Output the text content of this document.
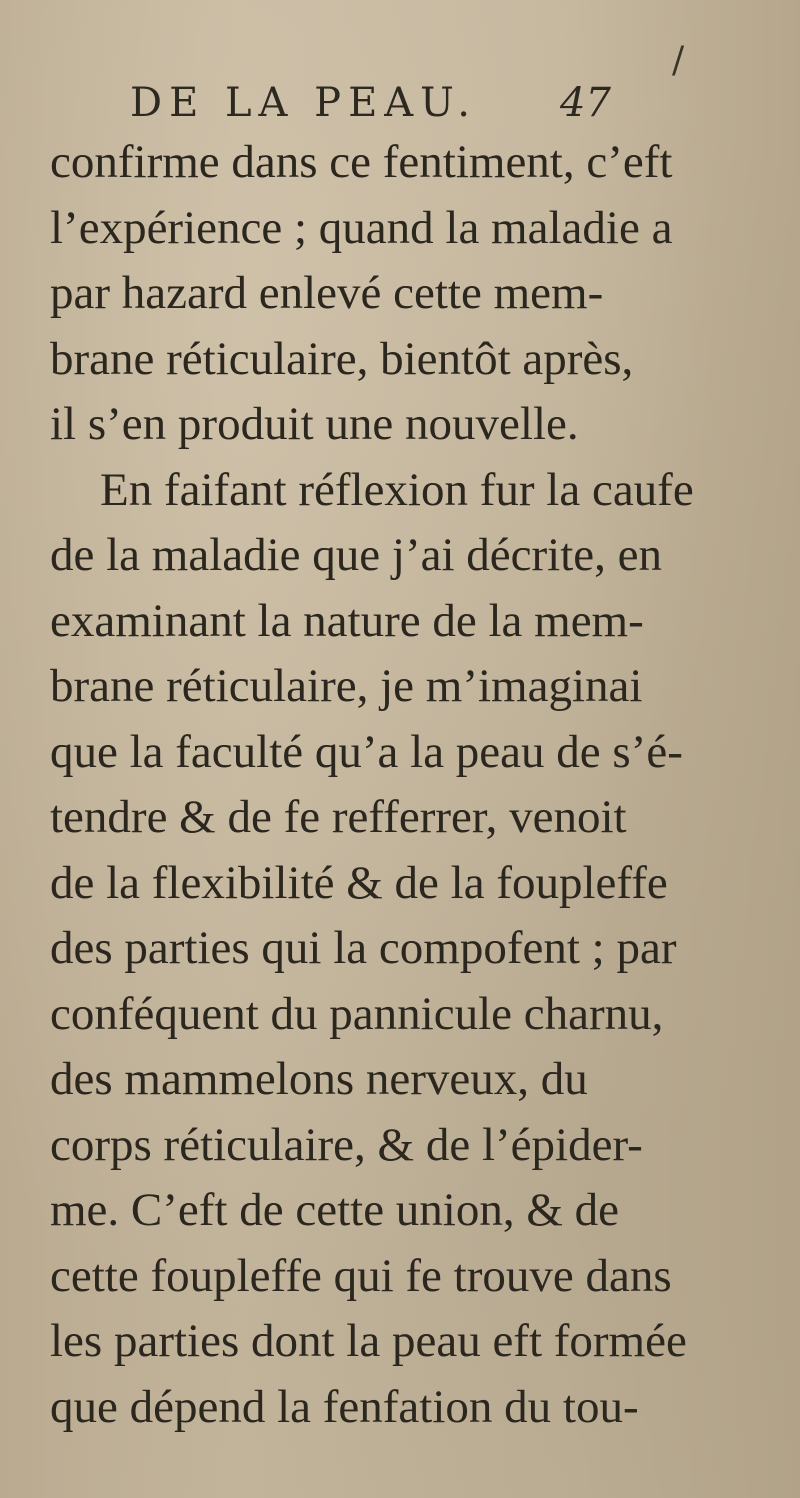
DE LA PEAU. 47
/
confirme dans ce fentiment, c’eft
l’expérience ; quand la maladie a
par hazard enlevé cette mem-
brane réticulaire, bientôt après,
il s’en produit une nouvelle.
En faifant réflexion fur la caufe
de la maladie que j’ai décrite, en
examinant la nature de la mem-
brane réticulaire, je m’imaginai
que la faculté qu’a la peau de s’é-
tendre & de fe refferrer, venoit
de la flexibilité & de la foupleffe
des parties qui la compofent ; par
conféquent du pannicule charnu,
des mammelons nerveux, du
corps réticulaire, & de l’épider-
me. C’eft de cette union, & de
cette foupleffe qui fe trouve dans
les parties dont la peau eft formée
que dépend la fenfation du tou-
